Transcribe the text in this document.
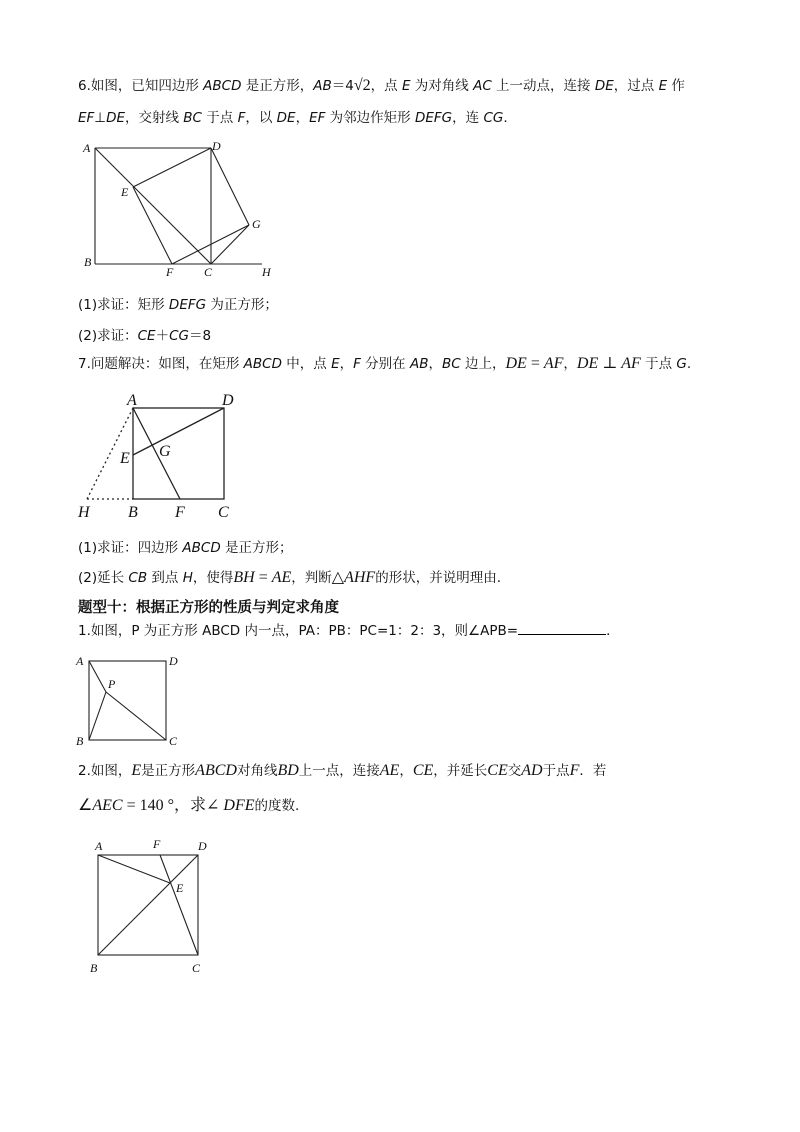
6.如图，已知四边形 ABCD 是正方形，AB＝4√2，点 E 为对角线 AC 上一动点，连接 DE，过点 E 作
EF⊥DE，交射线 BC 于点 F，以 DE，EF 为邻边作矩形 DEFG，连 CG.
A	D
E
G
B
F	C	H
(1)求证：矩形 DEFG 为正方形；
(2)求证：CE＋CG＝8
7.问题解决：如图，在矩形 ABCD 中，点 E，F 分别在 AB，BC 边上，DE = AF，DE ⊥ AF 于点 G.
A	D
E G
H B F C
(1)求证：四边形 ABCD 是正方形；
(2)延长 CB 到点 H，使得BH = AE，判断△AHF的形状，并说明理由.
题型十：根据正方形的性质与判定求角度
1.如图，P 为正方形 ABCD 内一点，PA：PB：PC=1：2：3，则∠APB=	．
A	D
P
B	C
2.如图，E是正方形ABCD对角线BD上一点，连接AE，CE，并延长CE交AD于点F．若
∠AEC = 140 °，求∠ DFE的度数.
A	F	D
E
B	C
